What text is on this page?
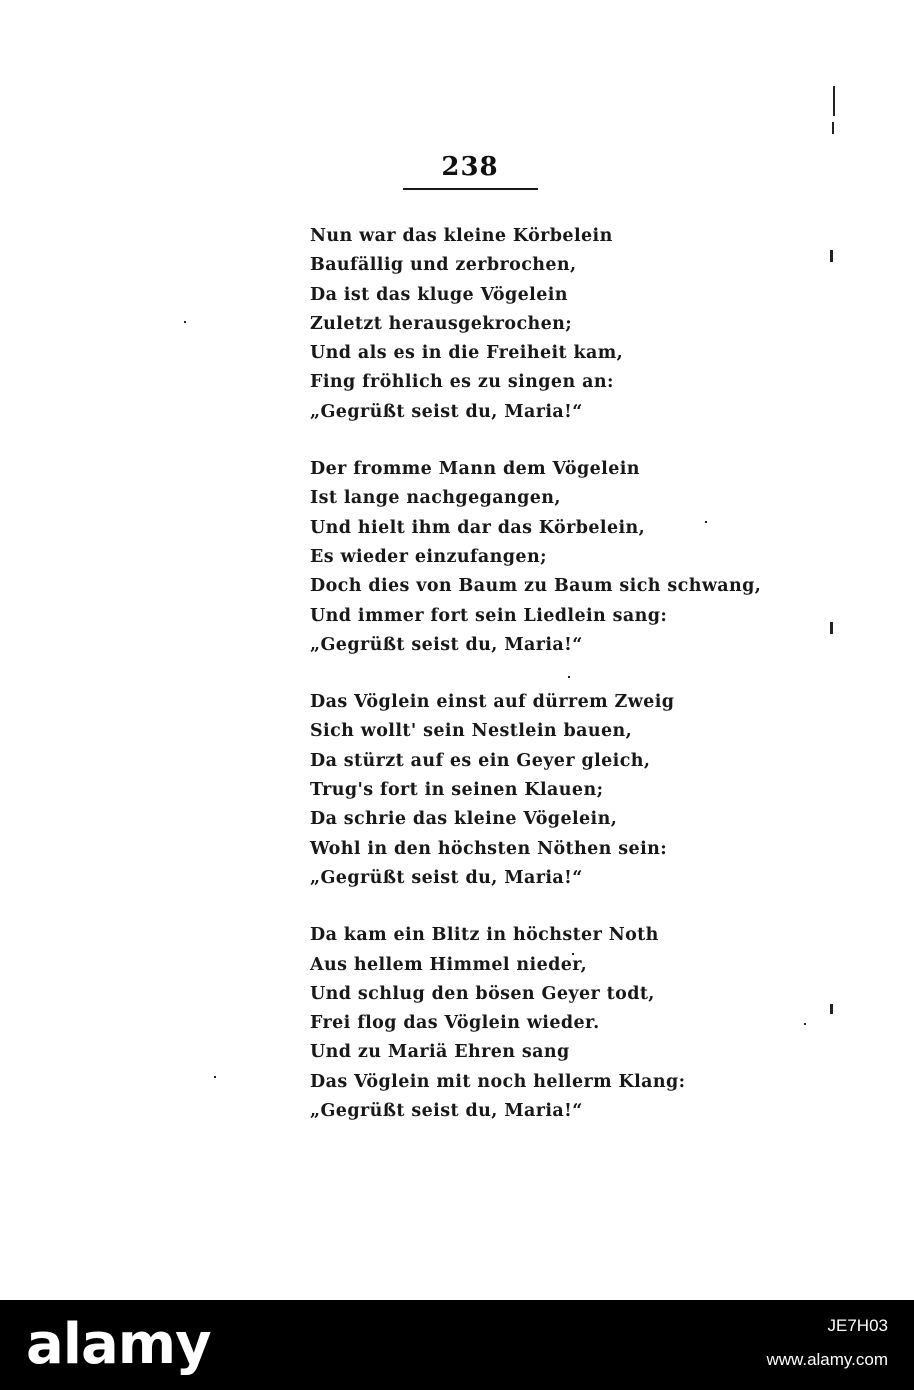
238
Nun war das kleine Körbelein
Baufällig und zerbrochen,
Da ist das kluge Vögelein
Zuletzt herausgekrochen;
Und als es in die Freiheit kam,
Fing fröhlich es zu singen an:
„Gegrüßt seist du, Maria!“
Der fromme Mann dem Vögelein
Ist lange nachgegangen,
Und hielt ihm dar das Körbelein,
Es wieder einzufangen;
Doch dies von Baum zu Baum sich schwang,
Und immer fort sein Liedlein sang:
„Gegrüßt seist du, Maria!“
Das Vöglein einst auf dürrem Zweig
Sich wollt' sein Nestlein bauen,
Da stürzt auf es ein Geyer gleich,
Trug's fort in seinen Klauen;
Da schrie das kleine Vögelein,
Wohl in den höchsten Nöthen sein:
„Gegrüßt seist du, Maria!“
Da kam ein Blitz in höchster Noth
Aus hellem Himmel nieder,
Und schlug den bösen Geyer todt,
Frei flog das Vöglein wieder.
Und zu Mariä Ehren sang
Das Vöglein mit noch hellerm Klang:
„Gegrüßt seist du, Maria!“
alamy	JE7H03
www.alamy.com
